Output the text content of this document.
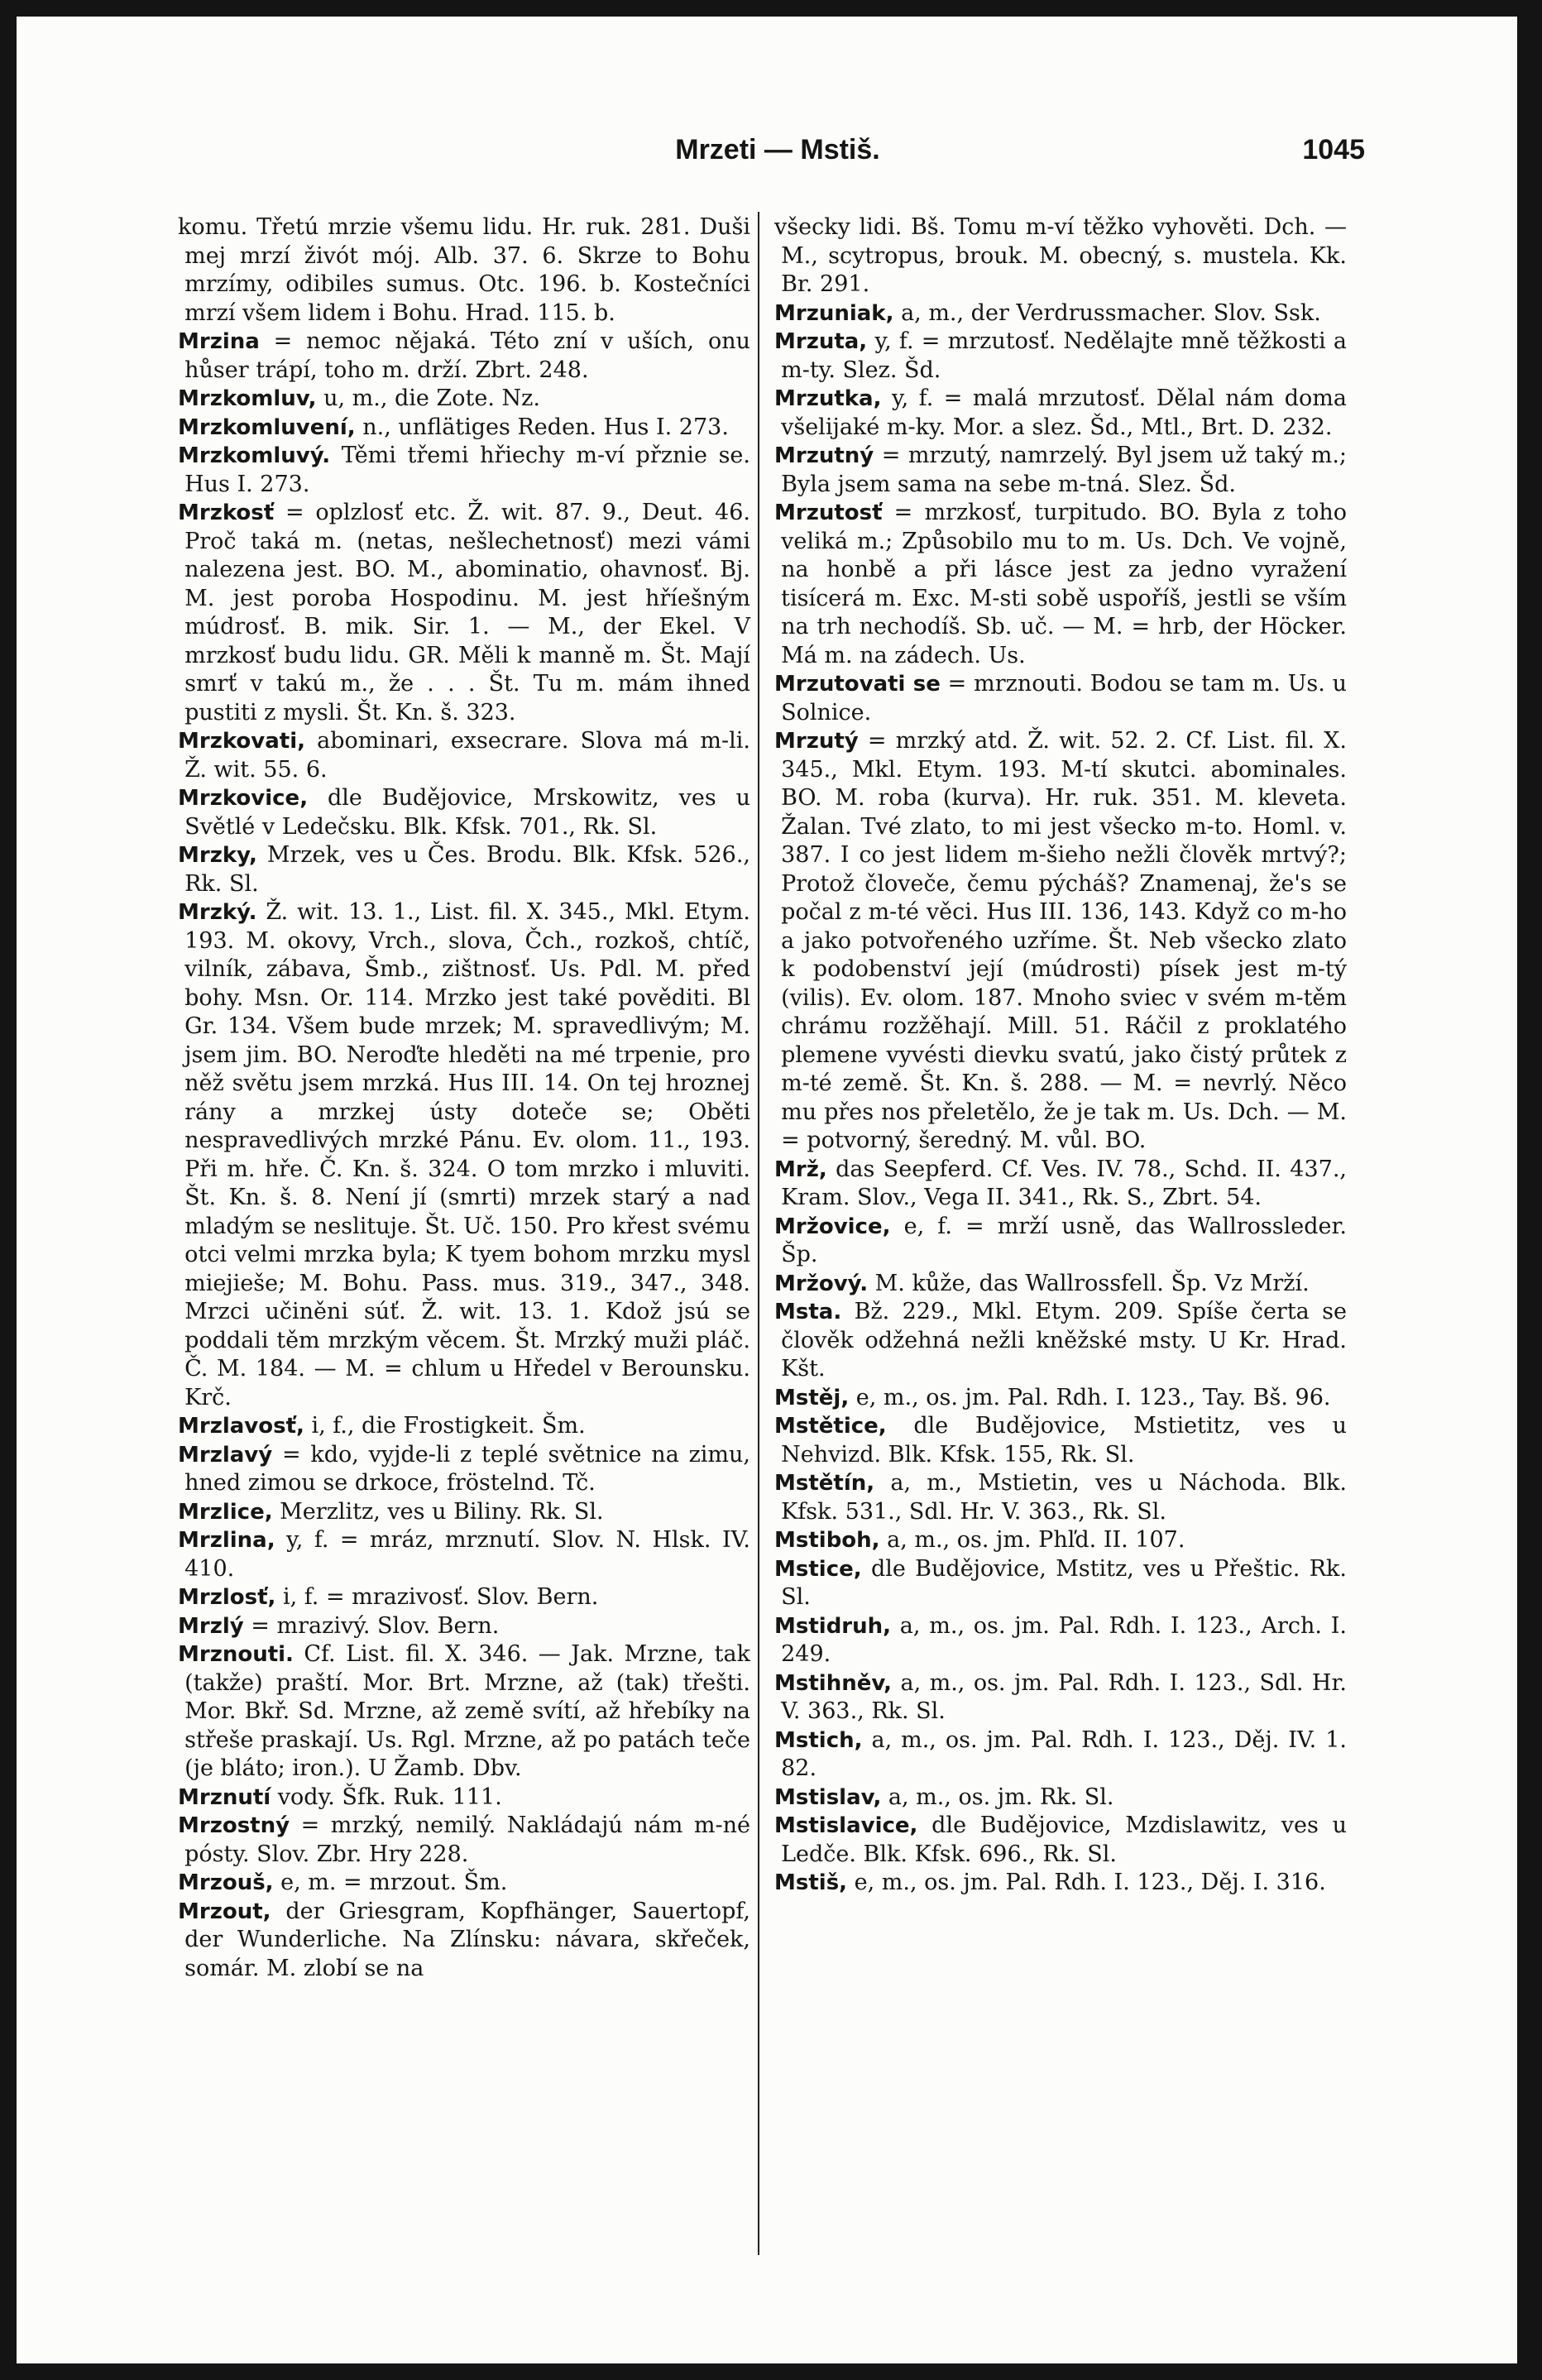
Mrzeti — Mstiš.	1045

komu. Třetú mrzie všemu lidu. Hr. ruk. 281. Duši mej mrzí živót mój. Alb. 37. 6. Skrze to Bohu mrzímy, odibiles sumus. Otc. 196. b. Kostečníci mrzí všem lidem i Bohu. Hrad. 115. b.

Mrzina = nemoc nějaká. Této zní v uších, onu hůser trápí, toho m. drží. Zbrt. 248.

Mrzkomluv, u, m., die Zote. Nz.

Mrzkomluvení, n., unflätiges Reden. Hus I. 273.

Mrzkomluvý. Těmi třemi hřiechy m-ví přznie se. Hus I. 273.

Mrzkosť = oplzlosť etc. Ž. wit. 87. 9., Deut. 46. Proč taká m. (netas, nešlechetnosť) mezi vámi nalezena jest. BO. M., abominatio, ohavnosť. Bj. M. jest poroba Hospodinu. M. jest hříešným múdrosť. B. mik. Sir. 1. — M., der Ekel. V mrzkosť budu lidu. GR. Měli k manně m. Št. Mají smrť v takú m., že . . . Št. Tu m. mám ihned pustiti z mysli. Št. Kn. š. 323.

Mrzkovati, abominari, exsecrare. Slova má m-li. Ž. wit. 55. 6.

Mrzkovice, dle Budějovice, Mrskowitz, ves u Světlé v Ledečsku. Blk. Kfsk. 701., Rk. Sl.

Mrzky, Mrzek, ves u Čes. Brodu. Blk. Kfsk. 526., Rk. Sl.

Mrzký. Ž. wit. 13. 1., List. fil. X. 345., Mkl. Etym. 193. M. okovy, Vrch., slova, Čch., rozkoš, chtíč, vilník, zábava, Šmb., zištnosť. Us. Pdl. M. před bohy. Msn. Or. 114. Mrzko jest také pověditi. Bl Gr. 134. Všem bude mrzek; M. spravedlivým; M. jsem jim. BO. Neroďte hleděti na mé trpenie, pro něž světu jsem mrzká. Hus III. 14. On tej hroznej rány a mrzkej ústy doteče se; Oběti nespravedlivých mrzké Pánu. Ev. olom. 11., 193. Při m. hře. Č. Kn. š. 324. O tom mrzko i mluviti. Št. Kn. š. 8. Není jí (smrti) mrzek starý a nad mladým se neslituje. Št. Uč. 150. Pro křest svému otci velmi mrzka byla; K tyem bohom mrzku mysl miejieše; M. Bohu. Pass. mus. 319., 347., 348. Mrzci učiněni súť. Ž. wit. 13. 1. Kdož jsú se poddali těm mrzkým věcem. Št. Mrzký muži pláč. Č. M. 184. — M. = chlum u Hředel v Berounsku. Krč.

Mrzlavosť, i, f., die Frostigkeit. Šm.

Mrzlavý = kdo, vyjde-li z teplé světnice na zimu, hned zimou se drkoce, fröstelnd. Tč.

Mrzlice, Merzlitz, ves u Biliny. Rk. Sl.

Mrzlina, y, f. = mráz, mrznutí. Slov. N. Hlsk. IV. 410.

Mrzlosť, i, f. = mrazivosť. Slov. Bern.

Mrzlý = mrazivý. Slov. Bern.

Mrznouti. Cf. List. fil. X. 346. — Jak. Mrzne, tak (takže) praští. Mor. Brt. Mrzne, až (tak) třešti. Mor. Bkř. Sd. Mrzne, až země svítí, až hřebíky na střeše praskají. Us. Rgl. Mrzne, až po patách teče (je bláto; iron.). U Žamb. Dbv.

Mrznutí vody. Šfk. Ruk. 111.

Mrzostný = mrzký, nemilý. Nakládajú nám m-né pósty. Slov. Zbr. Hry 228.

Mrzouš, e, m. = mrzout. Šm.

Mrzout, der Griesgram, Kopfhänger, Sauertopf, der Wunderliche. Na Zlínsku: návara, skřeček, somár. M. zlobí se na

všecky lidi. Bš. Tomu m-ví těžko vyhověti. Dch. — M., scytropus, brouk. M. obecný, s. mustela. Kk. Br. 291.

Mrzuniak, a, m., der Verdrussmacher. Slov. Ssk.

Mrzuta, y, f. = mrzutosť. Nedělajte mně těžkosti a m-ty. Slez. Šd.

Mrzutka, y, f. = malá mrzutosť. Dělal nám doma všelijaké m-ky. Mor. a slez. Šd., Mtl., Brt. D. 232.

Mrzutný = mrzutý, namrzelý. Byl jsem už taký m.; Byla jsem sama na sebe m-tná. Slez. Šd.

Mrzutosť = mrzkosť, turpitudo. BO. Byla z toho veliká m.; Způsobilo mu to m. Us. Dch. Ve vojně, na honbě a při lásce jest za jedno vyražení tisícerá m. Exc. M-sti sobě uspoříš, jestli se vším na trh nechodíš. Sb. uč. — M. = hrb, der Höcker. Má m. na zádech. Us.

Mrzutovati se = mrznouti. Bodou se tam m. Us. u Solnice.

Mrzutý = mrzký atd. Ž. wit. 52. 2. Cf. List. fil. X. 345., Mkl. Etym. 193. M-tí skutci. abominales. BO. M. roba (kurva). Hr. ruk. 351. M. kleveta. Žalan. Tvé zlato, to mi jest všecko m-to. Homl. v. 387. I co jest lidem m-šieho nežli člověk mrtvý?; Protož človeče, čemu pýcháš? Znamenaj, že's se počal z m-té věci. Hus III. 136, 143. Když co m-ho a jako potvořeného uzříme. Št. Neb všecko zlato k podobenství její (múdrosti) písek jest m-tý (vilis). Ev. olom. 187. Mnoho sviec v svém m-těm chrámu rozžěhají. Mill. 51. Ráčil z proklatého plemene vyvésti dievku svatú, jako čistý průtek z m-té země. Št. Kn. š. 288. — M. = nevrlý. Něco mu přes nos přeletělo, že je tak m. Us. Dch. — M. = potvorný, šeredný. M. vůl. BO.

Mrž, das Seepferd. Cf. Ves. IV. 78., Schd. II. 437., Kram. Slov., Vega II. 341., Rk. S., Zbrt. 54.

Mržovice, e, f. = mrží usně, das Wallrossleder. Šp.

Mržový. M. kůže, das Wallrossfell. Šp. Vz Mrží.

Msta. Bž. 229., Mkl. Etym. 209. Spíše čerta se člověk odžehná nežli kněžské msty. U Kr. Hrad. Kšt.

Mstěj, e, m., os. jm. Pal. Rdh. I. 123., Tay. Bš. 96.

Mstětice, dle Budějovice, Mstietitz, ves u Nehvizd. Blk. Kfsk. 155, Rk. Sl.

Mstětín, a, m., Mstietin, ves u Náchoda. Blk. Kfsk. 531., Sdl. Hr. V. 363., Rk. Sl.

Mstiboh, a, m., os. jm. Phľd. II. 107.

Mstice, dle Budějovice, Mstitz, ves u Přeštic. Rk. Sl.

Mstidruh, a, m., os. jm. Pal. Rdh. I. 123., Arch. I. 249.

Mstihněv, a, m., os. jm. Pal. Rdh. I. 123., Sdl. Hr. V. 363., Rk. Sl.

Mstich, a, m., os. jm. Pal. Rdh. I. 123., Děj. IV. 1. 82.

Mstislav, a, m., os. jm. Rk. Sl.

Mstislavice, dle Budějovice, Mzdislawitz, ves u Ledče. Blk. Kfsk. 696., Rk. Sl.

Mstiš, e, m., os. jm. Pal. Rdh. I. 123., Děj. I. 316.
